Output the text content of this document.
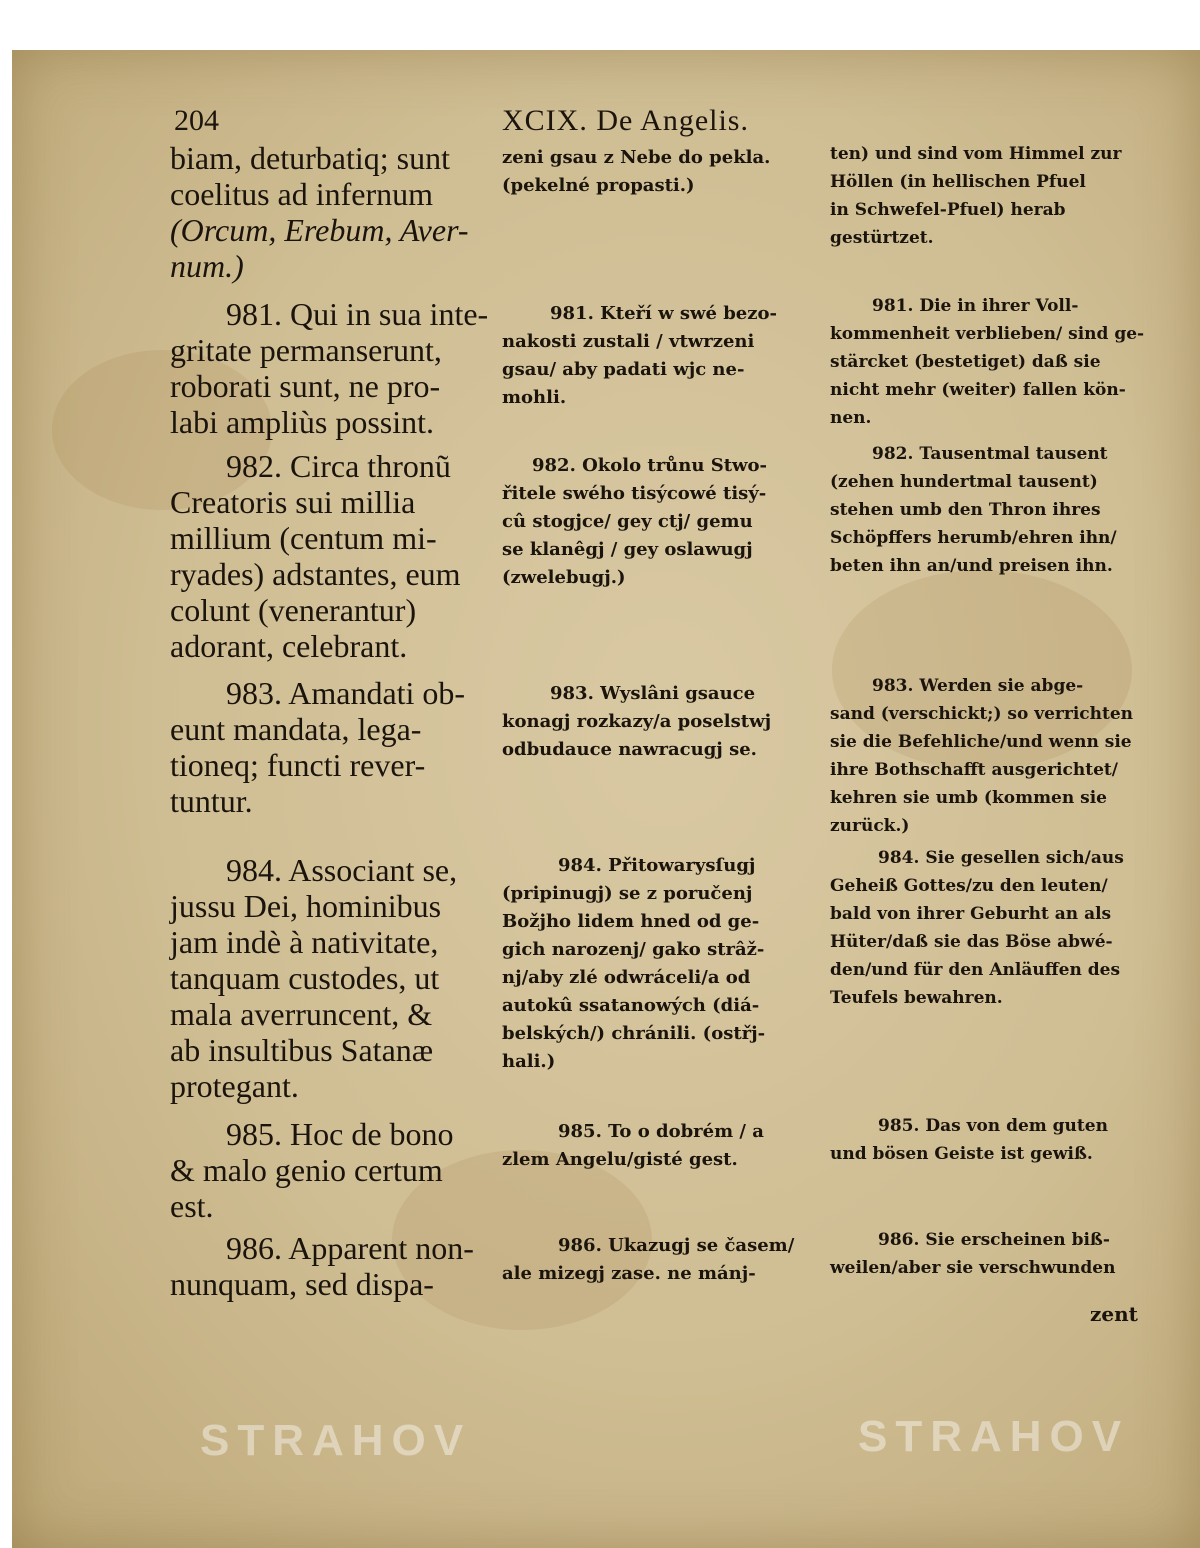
204	XCIX. De Angelis.
biam, deturbatiq; sunt
coelitus ad infernum
(Orcum, Erebum, Aver-
num.)
981. Qui in sua inte-
gritate permanserunt,
roborati sunt, ne pro-
labi ampliùs possint.
982. Circa thronũ
Creatoris sui millia
millium (centum mi-
ryades) adstantes, eum
colunt (venerantur)
adorant, celebrant.
983. Amandati ob-
eunt mandata, lega-
tioneq; functi rever-
tuntur.
984. Associant se,
jussu Dei, hominibus
jam indè à nativitate,
tanquam custodes, ut
mala averruncent, &
ab insultibus Satanæ
protegant.
985. Hoc de bono
& malo genio certum
est.
986. Apparent non-
nunquam, sed dispa-
zeni gsau z Nebe do pekla.
(pekelné propasti.)
981. Kteří w swé bezo-
nakosti zustali / vtwrzeni
gsau/ aby padati wjc ne-
mohli.
982. Okolo trůnu Stwo-
řitele swého tisýcowé tisý-
cû stogjce/ gey ctj/ gemu
se klanêgj / gey oslawugj
(zwelebugj.)
983. Wyslâni gsauce
konagj rozkazy/a poselstwj
odbudauce nawracugj se.
984. Přitowarysſugj
(pripinugj) se z poručenj
Božjho lidem hned od ge-
gich narozenj/ gako strâž-
nj/aby zlé odwráceli/a od
autokû ssatanowých (diá-
belských/) chránili. (ostřj-
hali.)
985. To o dobrém / a
zlem Angelu/gisté gest.
986. Ukazugj se časem/
ale mizegj zase. ne mánj-
ten) und sind vom Himmel zur
Höllen (in hellischen Pfuel
in Schwefel-Pfuel) herab
gestürtzet.
981. Die in ihrer Voll-
kommenheit verblieben/ sind ge-
stärcket (bestetiget) daß sie
nicht mehr (weiter) fallen kön-
nen.
982. Tausentmal tausent
(zehen hundertmal tausent)
stehen umb den Thron ihres
Schöpffers herumb/ehren ihn/
beten ihn an/und preisen ihn.
983. Werden sie abge-
sand (verschickt;) so verrichten
sie die Befehliche/und wenn sie
ihre Bothschafft ausgerichtet/
kehren sie umb (kommen sie
zurück.)
984. Sie gesellen sich/aus
Geheiß Gottes/zu den leuten/
bald von ihrer Geburht an als
Hüter/daß sie das Böse abwé-
den/und für den Anläuffen des
Teufels bewahren.
985. Das von dem guten
und bösen Geiste ist gewiß.
986. Sie erscheinen biß-
weilen/aber sie verschwunden
zent
STRAHOV	STRAHOV
